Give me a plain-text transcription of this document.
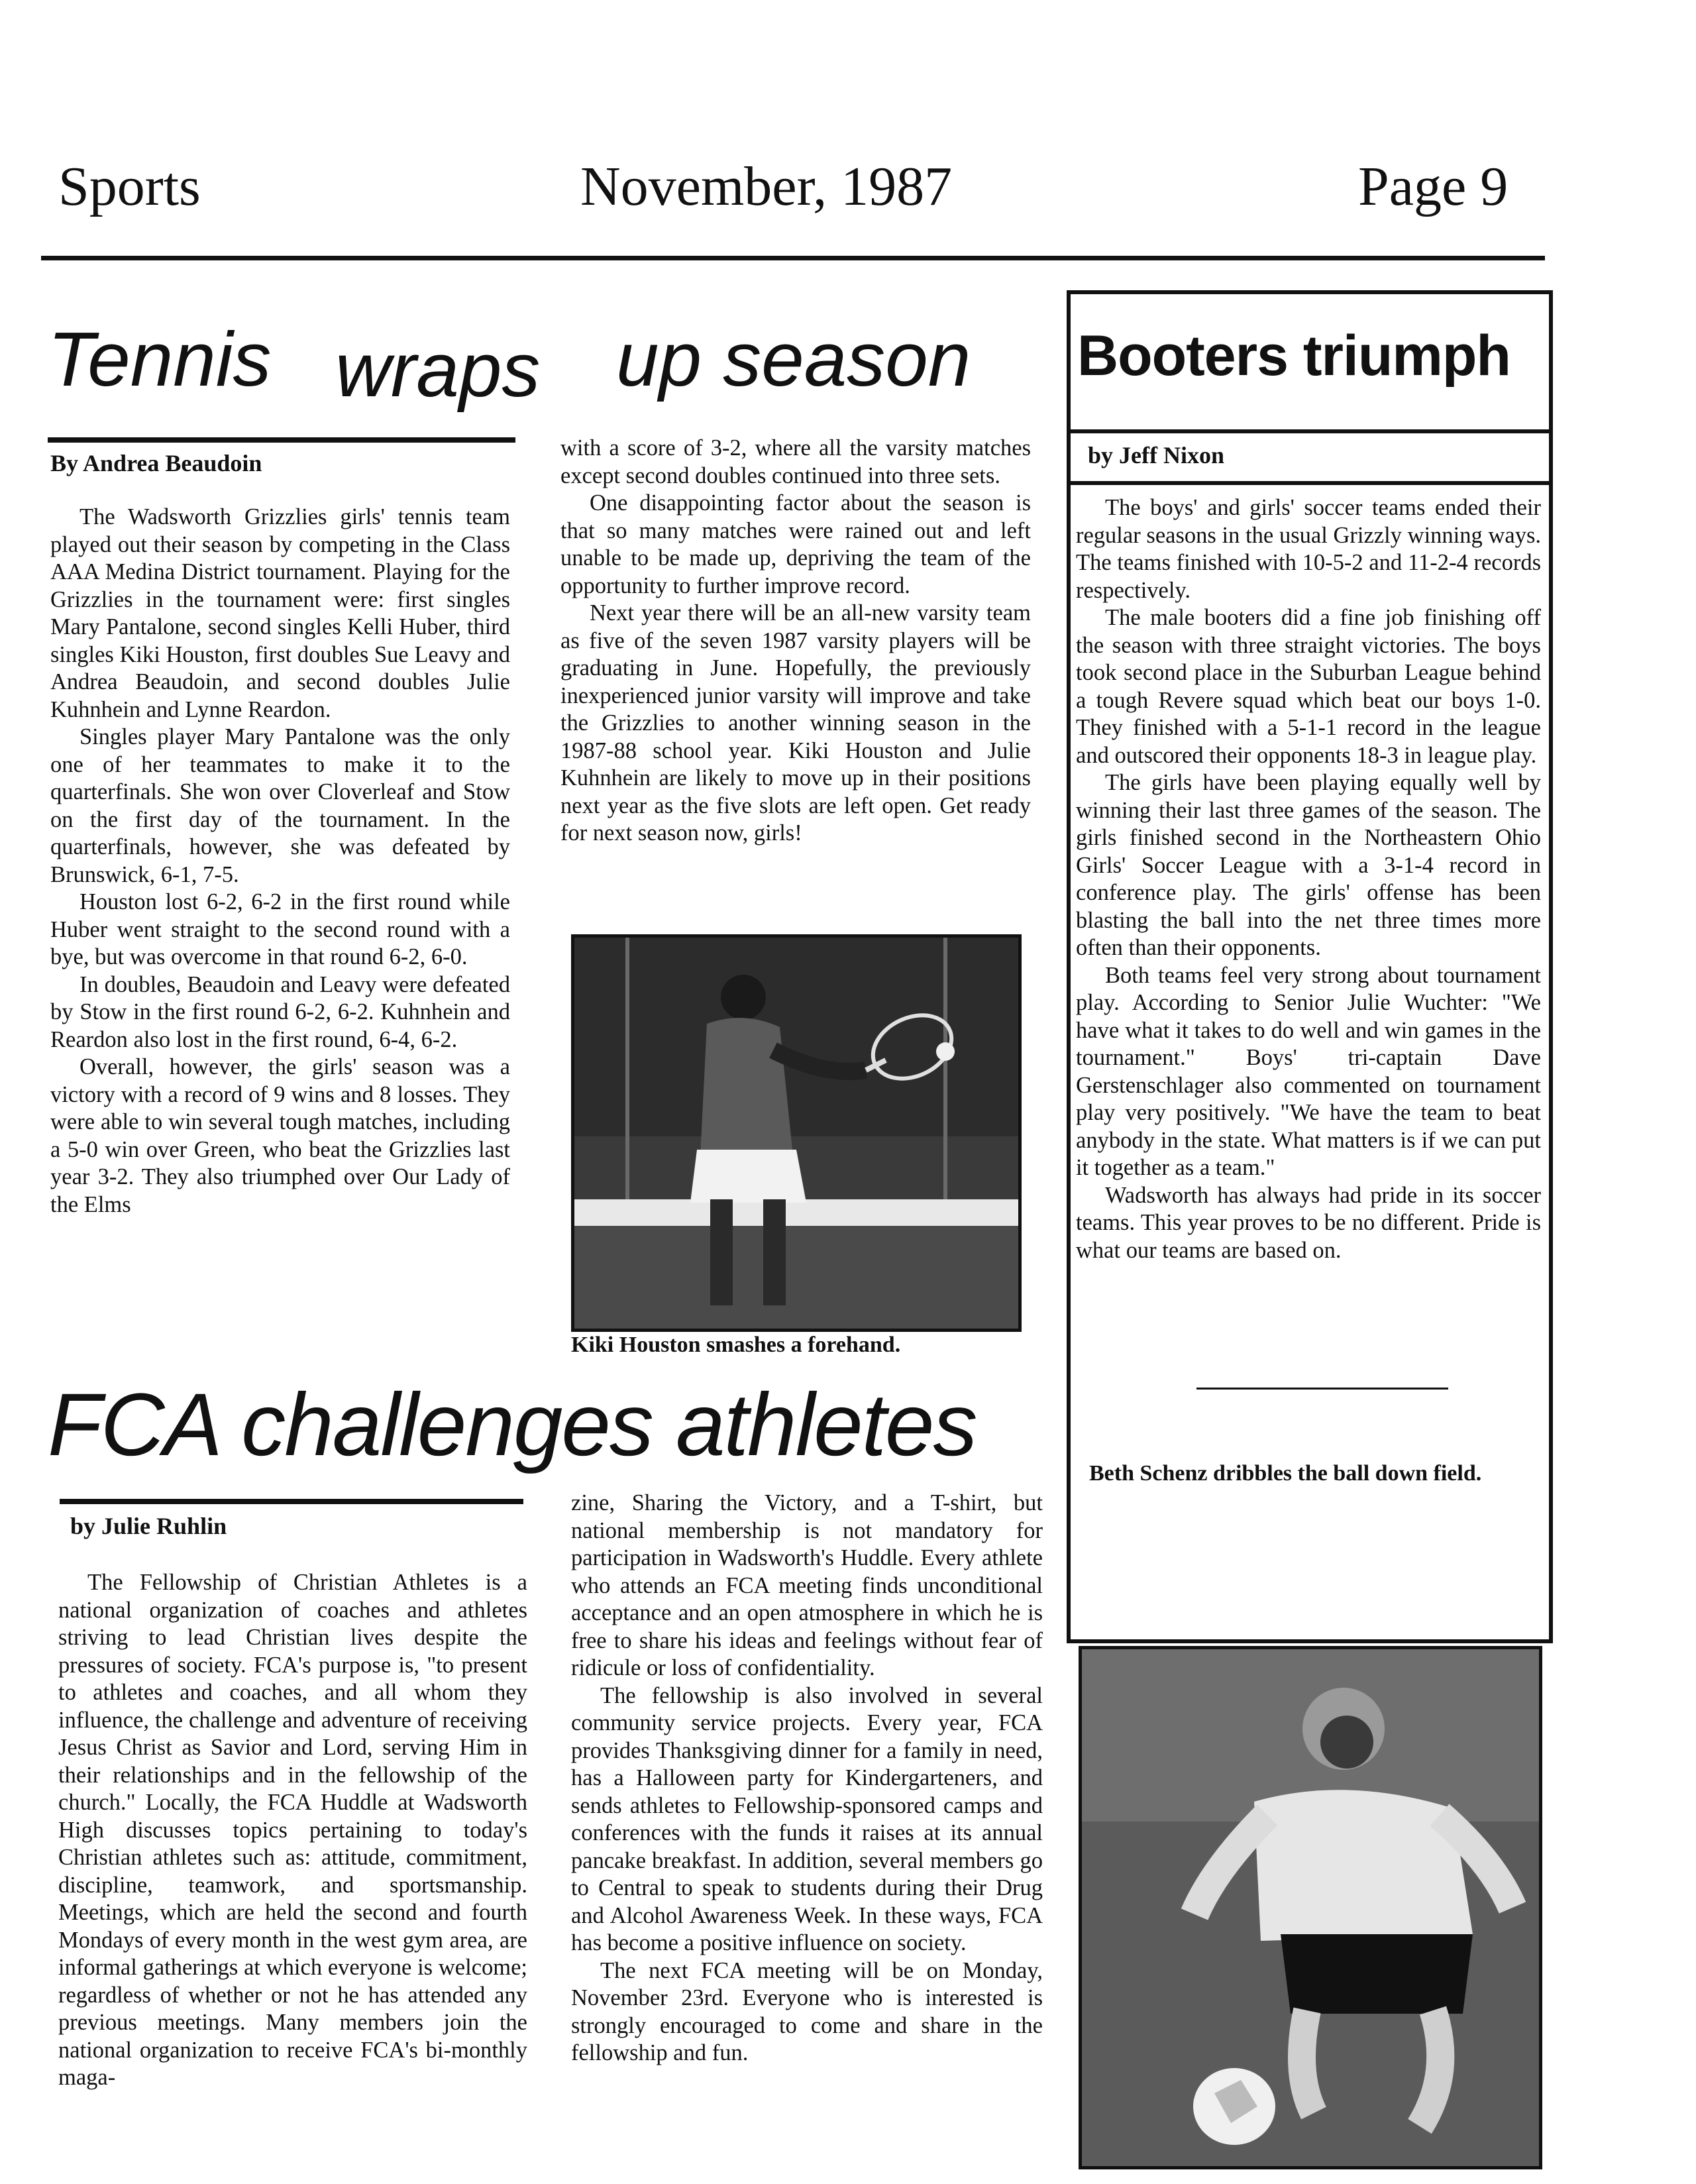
Sports	November, 1987	Page 9
Tennis wraps up season
By Andrea Beaudoin

The Wadsworth Grizzlies girls' tennis team played out their season by competing in the Class AAA Medina District tournament. Playing for the Grizzlies in the tournament were: first singles Mary Pantalone, second singles Kelli Huber, third singles Kiki Houston, first doubles Sue Leavy and Andrea Beaudoin, and second doubles Julie Kuhnhein and Lynne Reardon.

Singles player Mary Pantalone was the only one of her teammates to make it to the quarterfinals. She won over Cloverleaf and Stow on the first day of the tournament. In the quarterfinals, however, she was defeated by Brunswick, 6-1, 7-5.

Houston lost 6-2, 6-2 in the first round while Huber went straight to the second round with a bye, but was overcome in that round 6-2, 6-0.

In doubles, Beaudoin and Leavy were defeated by Stow in the first round 6-2, 6-2. Kuhnhein and Reardon also lost in the first round, 6-4, 6-2.

Overall, however, the girls' season was a victory with a record of 9 wins and 8 losses. They were able to win several tough matches, including a 5-0 win over Green, who beat the Grizzlies last year 3-2. They also triumphed over Our Lady of the Elms

with a score of 3-2, where all the varsity matches except second doubles continued into three sets.

One disappointing factor about the season is that so many matches were rained out and left unable to be made up, depriving the team of the opportunity to further improve record.

Next year there will be an all-new varsity team as five of the seven 1987 varsity players will be graduating in June. Hopefully, the previously inexperienced junior varsity will improve and take the Grizzlies to another winning season in the 1987-88 school year. Kiki Houston and Julie Kuhnhein are likely to move up in their positions next year as the five slots are left open. Get ready for next season now, girls!

Kiki Houston smashes a forehand.
Booters triumph
by Jeff Nixon

The boys' and girls' soccer teams ended their regular seasons in the usual Grizzly winning ways. The teams finished with 10-5-2 and 11-2-4 records respectively.

The male booters did a fine job finishing off the season with three straight victories. The boys took second place in the Suburban League behind a tough Revere squad which beat our boys 1-0. They finished with a 5-1-1 record in the league and outscored their opponents 18-3 in league play.

The girls have been playing equally well by winning their last three games of the season. The girls finished second in the Northeastern Ohio Girls' Soccer League with a 3-1-4 record in conference play. The girls' offense has been blasting the ball into the net three times more often than their opponents.

Both teams feel very strong about tournament play. According to Senior Julie Wuchter: "We have what it takes to do well and win games in the tournament." Boys' tri-captain Dave Gerstenschlager also commented on tournament play very positively. "We have the team to beat anybody in the state. What matters is if we can put it together as a team."

Wadsworth has always had pride in its soccer teams. This year proves to be no different. Pride is what our teams are based on.

Beth Schenz dribbles the ball down field.
FCA challenges athletes
by Julie Ruhlin

The Fellowship of Christian Athletes is a national organization of coaches and athletes striving to lead Christian lives despite the pressures of society. FCA's purpose is, "to present to athletes and coaches, and all whom they influence, the challenge and adventure of receiving Jesus Christ as Savior and Lord, serving Him in their relationships and in the fellowship of the church." Locally, the FCA Huddle at Wadsworth High discusses topics pertaining to today's Christian athletes such as: attitude, commitment, discipline, teamwork, and sportsmanship. Meetings, which are held the second and fourth Mondays of every month in the west gym area, are informal gatherings at which everyone is welcome; regardless of whether or not he has attended any previous meetings. Many members join the national organization to receive FCA's bi-monthly maga-

zine, Sharing the Victory, and a T-shirt, but national membership is not mandatory for participation in Wadsworth's Huddle. Every athlete who attends an FCA meeting finds unconditional acceptance and an open atmosphere in which he is free to share his ideas and feelings without fear of ridicule or loss of confidentiality.

The fellowship is also involved in several community service projects. Every year, FCA provides Thanksgiving dinner for a family in need, has a Halloween party for Kindergarteners, and sends athletes to Fellowship-sponsored camps and conferences with the funds it raises at its annual pancake breakfast. In addition, several members go to Central to speak to students during their Drug and Alcohol Awareness Week. In these ways, FCA has become a positive influence on society.

The next FCA meeting will be on Monday, November 23rd. Everyone who is interested is strongly encouraged to come and share in the fellowship and fun.
